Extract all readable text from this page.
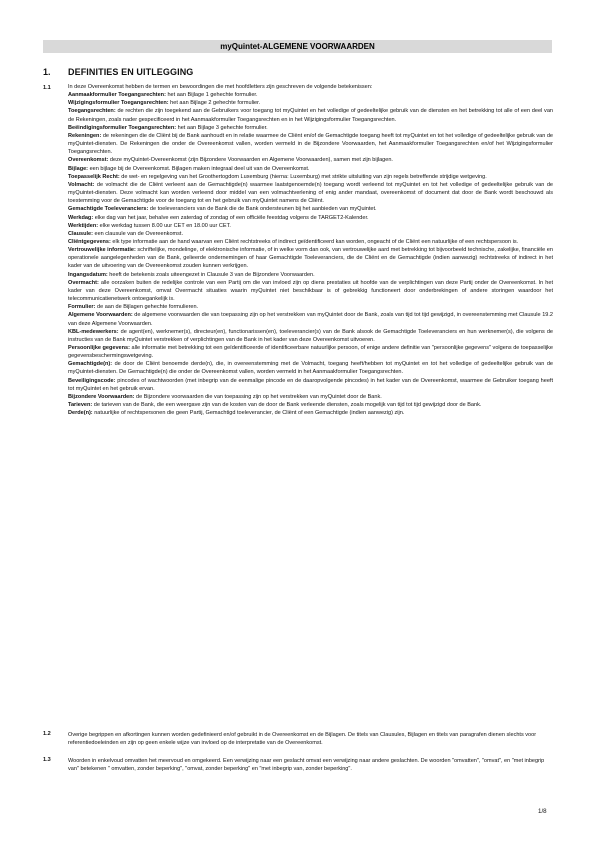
myQuintet-ALGEMENE VOORWAARDEN
1. DEFINITIES EN UITLEGGING
1.1
1.2
1.3

In deze Overeenkomst hebben de termen en bewoordingen die met hoofdletters zijn geschreven de volgende betekenissen:

Aanmaakformulier Toegangsrechten: het aan Bijlage 1 gehechte formulier.

Wijzigingsformulier Toegangsrechten: het aan Bijlage 2 gehechte formulier.

Toegangsrechten: de rechten die zijn toegekend aan de Gebruikers voor toegang tot myQuintet en het volledige of gedeeltelijke gebruik van de diensten en het betrekking tot alle of een deel van de Rekeningen, zoals nader gespecificeerd in het Aanmaakformulier Toegangsrechten en in het Wijzigingsformulier Toegangsrechten.

Beëindigingsformulier Toegangsrechten: het aan Bijlage 3 gehechte formulier.

Rekeningen: de rekeningen die de Cliënt bij de Bank aanhoudt en in relatie waarmee de Cliënt en/of de Gemachtigde toegang heeft tot myQuintet en tot het volledige of gedeeltelijke gebruik van de myQuintet-diensten. De Rekeningen die onder de Overeenkomst vallen, worden vermeld in de Bijzondere Voorwaarden, het Aanmaakformulier Toegangsrechten en/of het Wijzigingsformulier Toegangsrechten.

Overeenkomst: deze myQuintet-Overeenkomst (zijn Bijzondere Voorwaarden en Algemene Voorwaarden), samen met zijn bijlagen.

Bijlage: een bijlage bij de Overeenkomst. Bijlagen maken integraal deel uit van de Overeenkomst.

Toepasselijk Recht: de wet- en regelgeving van het Groothertogdom Luxemburg (hierna: Luxemburg) met strikte uitsluiting van zijn regels betreffende strijdige wetgeving.

Volmacht: de volmacht die de Cliënt verleent aan de Gemachtigde(n) waarmee laatstgenoemde(n) toegang wordt verleend tot myQuintet en tot het volledige of gedeeltelijke gebruik van de myQuintet-diensten. Deze volmacht kan worden verleend door middel van een volmachtverlening of enig ander mandaat, overeenkomst of document dat door de Bank wordt beschouwd als toestemming voor de Gemachtigde voor de toegang tot en het gebruik van myQuintet namens de Cliënt.

Gemachtigde Toeleveranciers: de toeleveranciers van de Bank die de Bank ondersteunen bij het aanbieden van myQuintet.

Werkdag: elke dag van het jaar, behalve een zaterdag of zondag of een officiële feestdag volgens de TARGET2-Kalender.

Werktijden: elke werkdag tussen 8.00 uur CET en 18.00 uur CET.

Clausule: een clausule van de Overeenkomst.

Cliëntgegevens: elk type informatie aan de hand waarvan een Cliënt rechtstreeks of indirect geïdentificeerd kan worden, ongeacht of de Cliënt een natuurlijke of een rechtspersoon is.

Vertrouwelijke informatie: schriftelijke, mondelinge, of elektronische informatie, of in welke vorm dan ook, van vertrouwelijke aard met betrekking tot bijvoorbeeld technische, zakelijke, financiële en operationele aangelegenheden van de Bank, gelieerde ondernemingen of haar Gemachtigde Toeleveranciers, die de Cliënt en de Gemachtigde (indien aanwezig) rechtstreeks of indirect in het kader van de uitvoering van de Overeenkomst zouden kunnen verkrijgen.

Ingangsdatum: heeft de betekenis zoals uiteengezet in Clausule 3 van de Bijzondere Voorwaarden.

Overmacht: alle oorzaken buiten de redelijke controle van een Partij om die van invloed zijn op diens prestaties uit hoofde van de verplichtingen van deze Partij onder de Overeenkomst. In het kader van deze Overeenkomst, omvat Overmacht situaties waarin myQuintet niet beschikbaar is of gebrekkig functioneert door onderbrekingen of andere storingen waardoor het telecommunicatienetwerk ontoegankelijk is.

Formulier: de aan de Bijlagen gehechte formulieren.

Algemene Voorwaarden: de algemene voorwaarden die van toepassing zijn op het verstrekken van myQuintet door de Bank, zoals van tijd tot tijd gewijzigd, in overeenstemming met Clausule 19.2 van deze Algemene Voorwaarden.

KBL-medewerkers: de agent(en), werknemer(s), directeur(en), functionarissen(en), toeleverancier(s) van de Bank alsook de Gemachtigde Toeleveranciers en hun werknemer(s), die volgens de instructies van de Bank myQuintet verstrekken of verplichtingen van de Bank in het kader van deze Overeenkomst uitvoeren.

Persoonlijke gegevens: alle informatie met betrekking tot een geïdentificeerde of identificeerbare natuurlijke persoon, of enige andere definitie van "persoonlijke gegevens" volgens de toepasselijke gegevensbeschermingswetgeving.

Gemachtigde(n): de door de Cliënt benoemde derde(n), die, in overeenstemming met de Volmacht, toegang heeft/hebben tot myQuintet en tot het volledige of gedeeltelijke gebruik van de myQuintet-diensten. De Gemachtigde(n) die onder de Overeenkomst vallen, worden vermeld in het Aanmaakformulier Toegangsrechten.

Beveiligingscode: pincodes of wachtwoorden (met inbegrip van de eenmalige pincode en de daaropvolgende pincodes) in het kader van de Overeenkomst, waarmee de Gebruiker toegang heeft tot myQuintet en het gebruik ervan.

Bijzondere Voorwaarden: de Bijzondere voorwaarden die van toepassing zijn op het verstrekken van myQuintet door de Bank.

Tarieven: de tarieven van de Bank, die een weergave zijn van de kosten van de door de Bank verleende diensten, zoals mogelijk van tijd tot tijd gewijzigd door de Bank.

Derde(n): natuurlijke of rechtspersonen die geen Partij, Gemachtigd toeleverancier, de Cliënt of een Gemachtigde (indien aanwezig) zijn.

Overige begrippen en afkortingen kunnen worden gedefinieerd en/of gebruikt in de Overeenkomst en de Bijlagen. De titels van Clausules, Bijlagen en titels van paragrafen dienen slechts voor referentiedoeleinden en zijn op geen enkele wijze van invloed op de interpretatie van de Overeenkomst.
Woorden in enkelvoud omvatten het meervoud en omgekeerd. Een verwijzing naar een geslacht omvat een verwijzing naar andere geslachten. De woorden "omvatten", "omvat", en "met inbegrip van" betekenen " omvatten, zonder beperking", "omvat, zonder beperking" en "met inbegrip van, zonder beperking".
1/8
